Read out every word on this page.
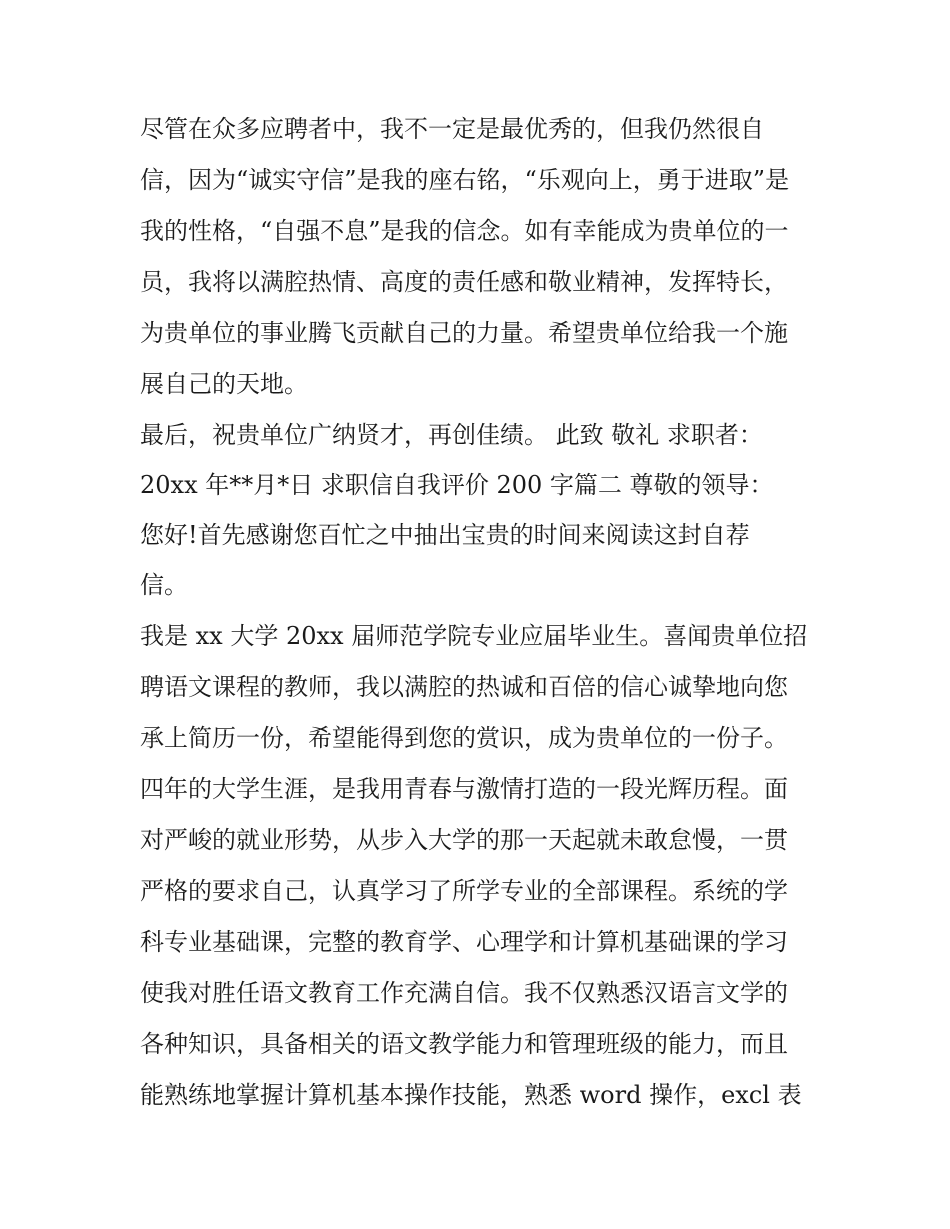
尽管在众多应聘者中，我不一定是最优秀的，但我仍然很自
信，因为“诚实守信”是我的座右铭，“乐观向上，勇于进取”是
我的性格，“自强不息”是我的信念。如有幸能成为贵单位的一
员，我将以满腔热情、高度的责任感和敬业精神，发挥特长，
为贵单位的事业腾飞贡献自己的力量。希望贵单位给我一个施
展自己的天地。
最后，祝贵单位广纳贤才，再创佳绩。 此致 敬礼 求职者：
20xx 年**月*日 求职信自我评价 200 字篇二 尊敬的领导：
您好!首先感谢您百忙之中抽出宝贵的时间来阅读这封自荐
信。
我是 xx 大学 20xx 届师范学院专业应届毕业生。喜闻贵单位招
聘语文课程的教师，我以满腔的热诚和百倍的信心诚挚地向您
承上简历一份，希望能得到您的赏识，成为贵单位的一份子。
四年的大学生涯，是我用青春与激情打造的一段光辉历程。面
对严峻的就业形势，从步入大学的那一天起就未敢怠慢，一贯
严格的要求自己，认真学习了所学专业的全部课程。系统的学
科专业基础课，完整的教育学、心理学和计算机基础课的学习
使我对胜任语文教育工作充满自信。我不仅熟悉汉语言文学的
各种知识，具备相关的语文教学能力和管理班级的能力，而且
能熟练地掌握计算机基本操作技能，熟悉 word 操作，excl 表
